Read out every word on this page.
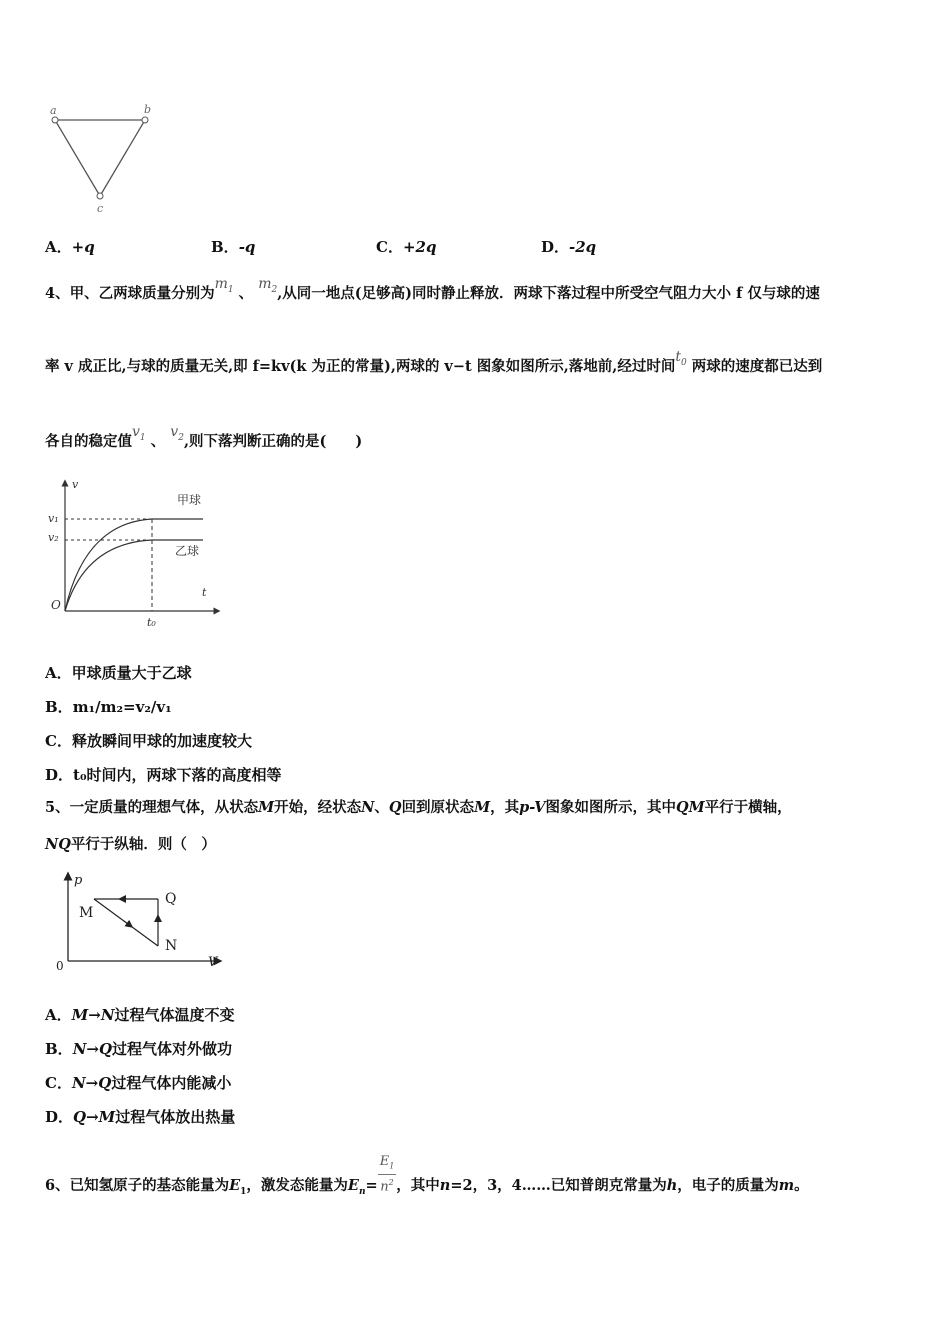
a	b
c
A．+q	B．-q	C．+2q	D．-2q
4、甲、乙两球质量分别为$m_1$ 、 $m_2$,从同一地点(足够高)同时静止释放．两球下落过程中所受空气阻力大小 f 仅与球的速
率 v 成正比,与球的质量无关,即 f=kv(k 为正的常量),两球的 v−t 图象如图所示,落地前,经过时间$t_0$ 两球的速度都已达到
各自的稳定值$v_1$ 、 $v_2$,则下落判断正确的是(　　)
v
t
O
v₁
v₂
t₀
甲球
乙球
A．甲球质量大于乙球
B．m₁/m₂=v₂/v₁
C．释放瞬间甲球的加速度较大
D．t₀时间内，两球下落的高度相等
5、一定质量的理想气体，从状态M开始，经状态N、Q回到原状态M，其p-V图象如图所示，其中QM平行于横轴，
NQ平行于纵轴．则（　）
p
V
0
M
N
Q
A．M→N过程气体温度不变
B．N→Q过程气体对外做功
C．N→Q过程气体内能减小
D．Q→M过程气体放出热量
6、已知氢原子的基态能量为$E_1$，激发态能量为$E_n= \frac{E_1}{n^2}$ ，其中n=2，3，4……已知普朗克常量为h，电子的质量为m。
